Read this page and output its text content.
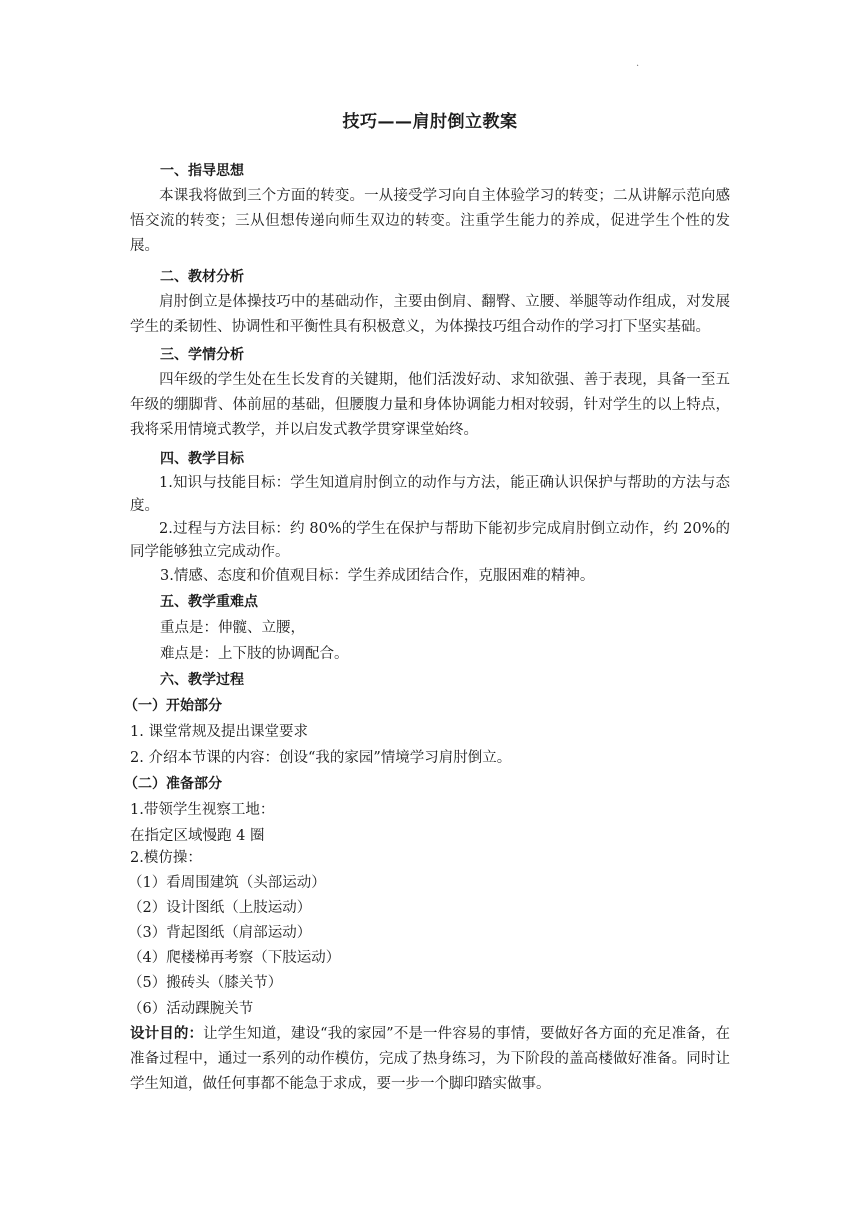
.
技巧——肩肘倒立教案
一、指导思想
本课我将做到三个方面的转变。一从接受学习向自主体验学习的转变；二从讲解示范向感悟交流的转变；三从但想传递向师生双边的转变。注重学生能力的养成，促进学生个性的发展。
二、教材分析
肩肘倒立是体操技巧中的基础动作，主要由倒肩、翻臀、立腰、举腿等动作组成，对发展学生的柔韧性、协调性和平衡性具有积极意义，为体操技巧组合动作的学习打下坚实基础。
三、学情分析
四年级的学生处在生长发育的关键期，他们活泼好动、求知欲强、善于表现，具备一至五年级的绷脚背、体前屈的基础，但腰腹力量和身体协调能力相对较弱，针对学生的以上特点，我将采用情境式教学，并以启发式教学贯穿课堂始终。
四、教学目标
1.知识与技能目标：学生知道肩肘倒立的动作与方法，能正确认识保护与帮助的方法与态度。
2.过程与方法目标：约 80%的学生在保护与帮助下能初步完成肩肘倒立动作，约 20%的同学能够独立完成动作。
3.情感、态度和价值观目标：学生养成团结合作，克服困难的精神。
五、教学重难点
重点是：伸髋、立腰，
难点是：上下肢的协调配合。
六、教学过程
（一）开始部分
1. 课堂常规及提出课堂要求
2. 介绍本节课的内容：创设“我的家园”情境学习肩肘倒立。
（二）准备部分
1.带领学生视察工地：
在指定区域慢跑 4 圈
2.模仿操：
（1）看周围建筑（头部运动）
（2）设计图纸（上肢运动）
（3）背起图纸（肩部运动）
（4）爬楼梯再考察（下肢运动）
（5）搬砖头（膝关节）
（6）活动踝腕关节
设计目的：让学生知道，建设“我的家园”不是一件容易的事情，要做好各方面的充足准备，在准备过程中，通过一系列的动作模仿，完成了热身练习，为下阶段的盖高楼做好准备。同时让学生知道，做任何事都不能急于求成，要一步一个脚印踏实做事。
